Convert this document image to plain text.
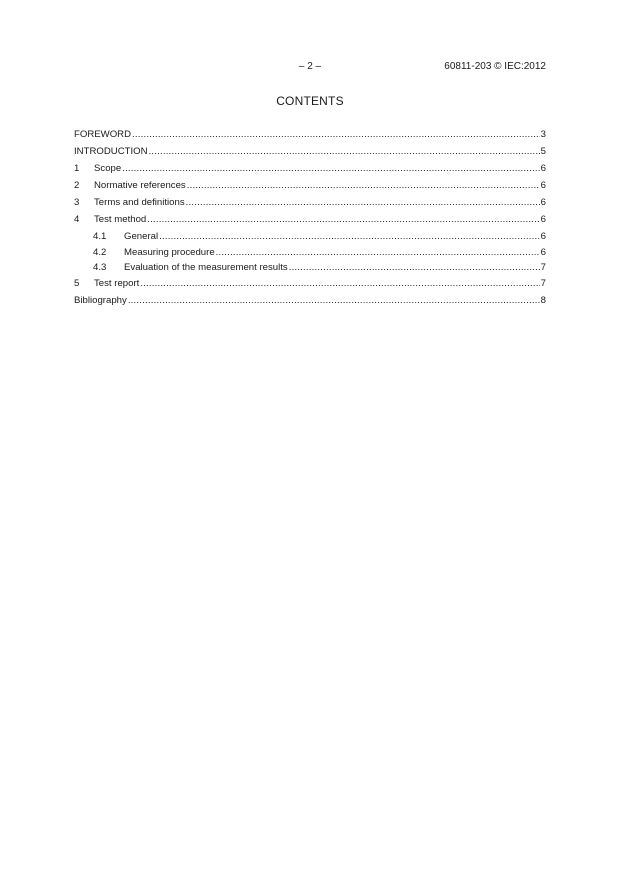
– 2 –	60811-203 © IEC:2012
CONTENTS
FOREWORD .....	3
INTRODUCTION .....	5
1	Scope .....	6
2	Normative references .....	6
3	Terms and definitions .....	6
4	Test method .....	6
4.1	General .....	6
4.2	Measuring procedure .....	6
4.3	Evaluation of the measurement results .....	7
5	Test report .....	7
Bibliography .....	8
